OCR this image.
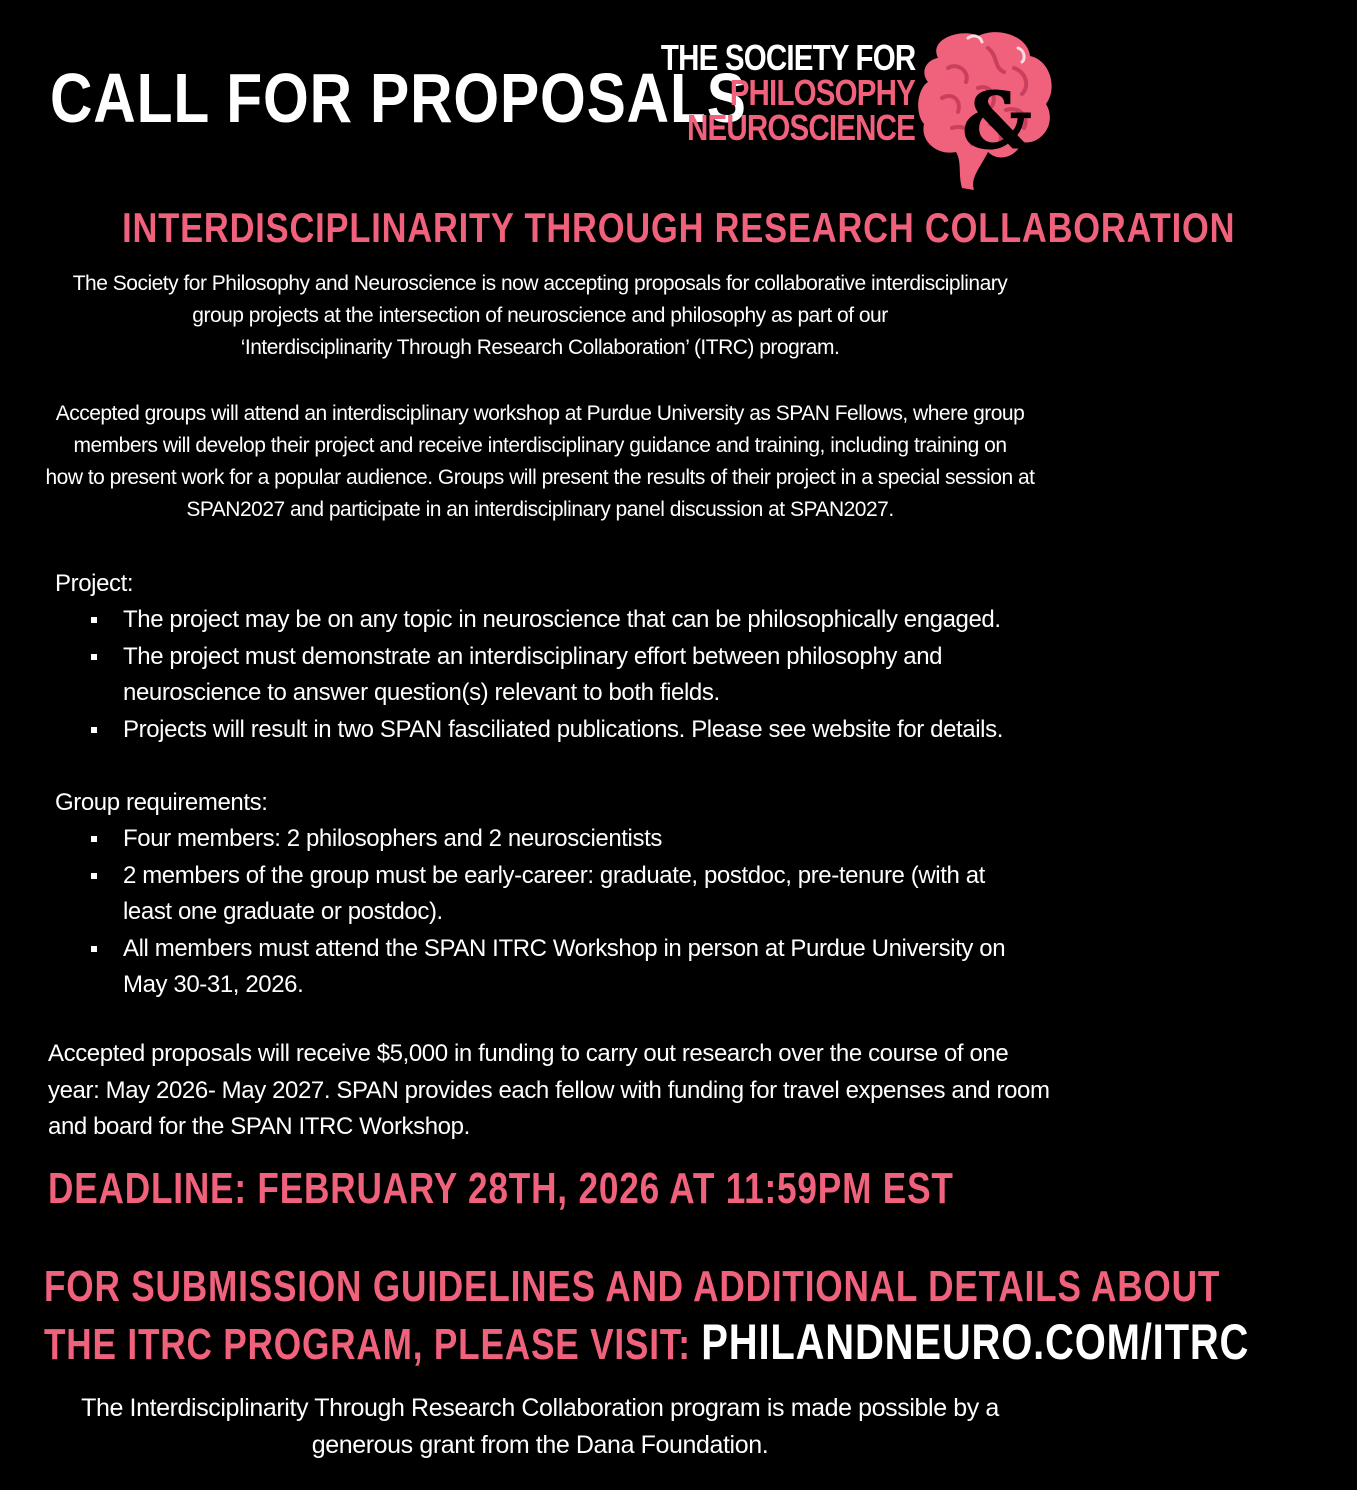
CALL FOR PROPOSALS
THE SOCIETY FOR
PHILOSOPHY
NEUROSCIENCE &
INTERDISCIPLINARITY THROUGH RESEARCH COLLABORATION
The Society for Philosophy and Neuroscience is now accepting proposals for collaborative interdisciplinary
group projects at the intersection of neuroscience and philosophy as part of our
‘Interdisciplinarity Through Research Collaboration’ (ITRC) program.
Accepted groups will attend an interdisciplinary workshop at Purdue University as SPAN Fellows, where group
members will develop their project and receive interdisciplinary guidance and training, including training on
how to present work for a popular audience. Groups will present the results of their project in a special session at
SPAN2027 and participate in an interdisciplinary panel discussion at SPAN2027.
Project:
The project may be on any topic in neuroscience that can be philosophically engaged.
The project must demonstrate an interdisciplinary effort between philosophy and neuroscience to answer question(s) relevant to both fields.
Projects will result in two SPAN fasciliated publications. Please see website for details.
Group requirements:
Four members: 2 philosophers and 2 neuroscientists
2 members of the group must be early-career: graduate, postdoc, pre-tenure (with at least one graduate or postdoc).
All members must attend the SPAN ITRC Workshop in person at Purdue University on May 30-31, 2026.
Accepted proposals will receive $5,000 in funding to carry out research over the course of one year: May 2026- May 2027. SPAN provides each fellow with funding for travel expenses and room and board for the SPAN ITRC Workshop.
DEADLINE: FEBRUARY 28TH, 2026 AT 11:59PM EST
FOR SUBMISSION GUIDELINES AND ADDITIONAL DETAILS ABOUT
THE ITRC PROGRAM, PLEASE VISIT: PHILANDNEURO.COM/ITRC
The Interdisciplinarity Through Research Collaboration program is made possible by a
generous grant from the Dana Foundation.
